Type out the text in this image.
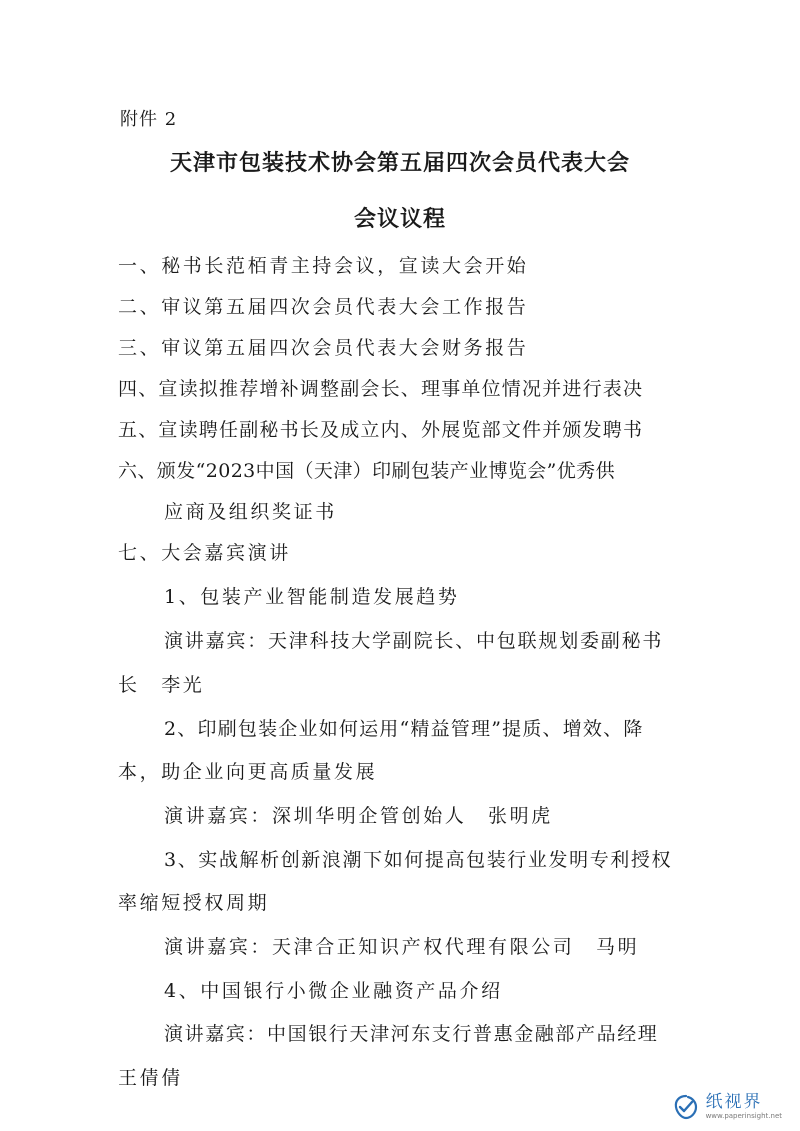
附件 2
天津市包装技术协会第五届四次会员代表大会
会议议程
一、秘书长范栢青主持会议，宣读大会开始
二、审议第五届四次会员代表大会工作报告
三、审议第五届四次会员代表大会财务报告
四、宣读拟推荐增补调整副会长、理事单位情况并进行表决
五、宣读聘任副秘书长及成立内、外展览部文件并颁发聘书
六、颁发“2023中国（天津）印刷包装产业博览会”优秀供
应商及组织奖证书
七、大会嘉宾演讲
1、包装产业智能制造发展趋势
演讲嘉宾：天津科技大学副院长、中包联规划委副秘书
长　李光
2、印刷包装企业如何运用“精益管理”提质、增效、降
本，助企业向更高质量发展
演讲嘉宾：深圳华明企管创始人　张明虎
3、实战解析创新浪潮下如何提高包装行业发明专利授权
率缩短授权周期
演讲嘉宾：天津合正知识产权代理有限公司　马明
4、中国银行小微企业融资产品介绍
演讲嘉宾：中国银行天津河东支行普惠金融部产品经理
王倩倩
纸视界
www.paperinsight.net
